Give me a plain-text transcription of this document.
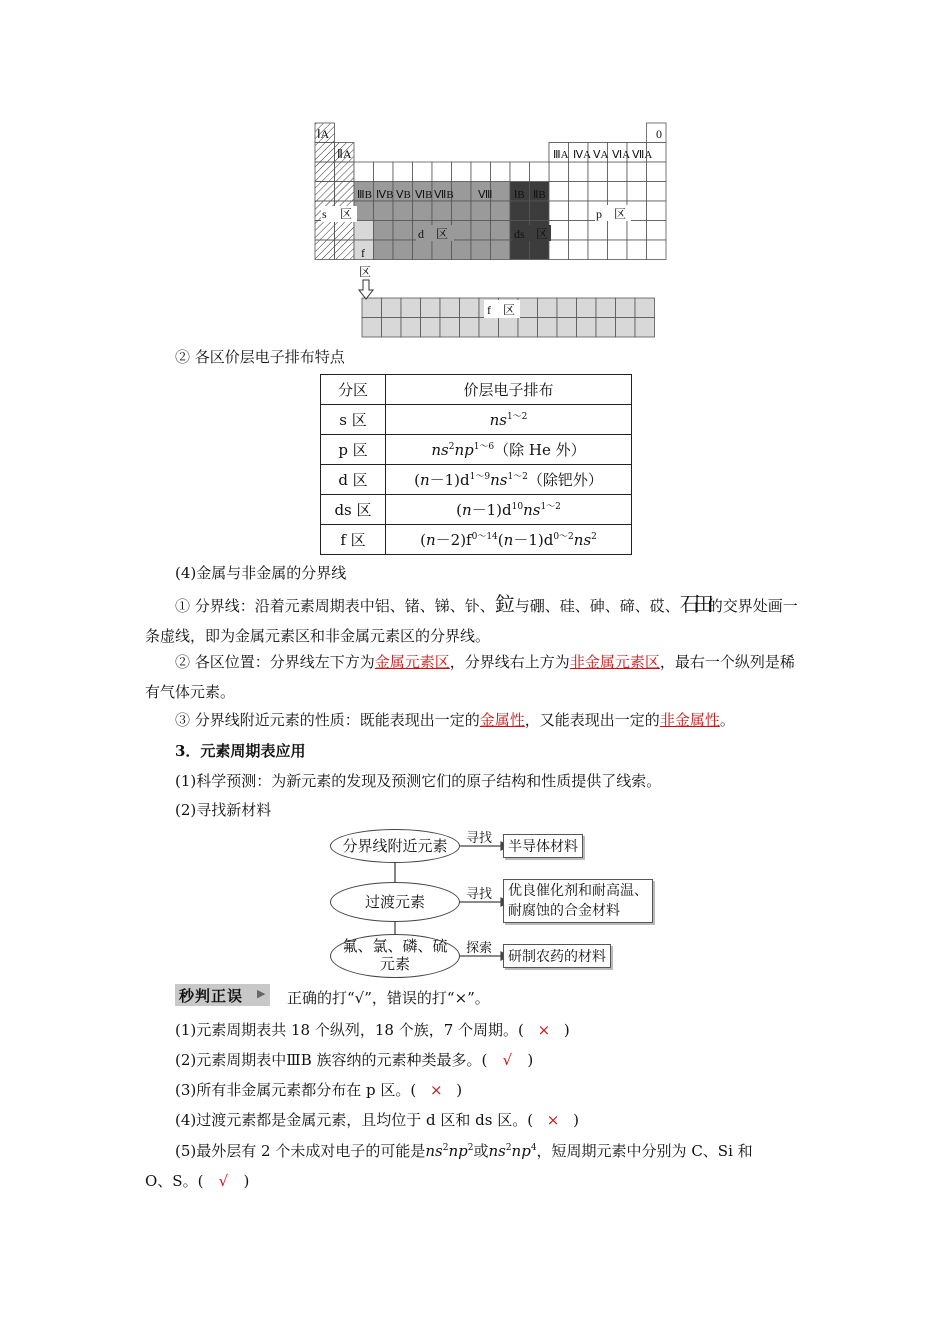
ⅠA
ⅡA
0
ⅢB ⅣB ⅤB ⅥB ⅦB Ⅷ ⅠB ⅡB
ⅢA ⅣA ⅤA ⅥA ⅦA
s 区
d 区	ds 区
p 区
f
区
f 区
② 各区价层电子排布特点
分区	价层电子排布
s 区	$ns^{1\sim 2}$
p 区	$ns^2np^{1\sim 6}$（除 He 外）
d 区	$(n-1)d^{1\sim 9}ns^{1\sim 2}$（除钯外）
ds 区	$(n-1)d^{10}ns^{1\sim 2}$
f 区	$(n-2)f^{0\sim 14}(n-1)d^{0\sim 2}ns^2$
(4)金属与非金属的分界线
① 分界线：沿着元素周期表中铝、锗、锑、钋、鉝与硼、硅、砷、碲、砹、石田的交界处画一条虚线，即为金属元素区和非金属元素区的分界线。
② 各区位置：分界线左下方为金属元素区，分界线右上方为非金属元素区，最右一个纵列是稀有气体元素。
③ 分界线附近元素的性质：既能表现出一定的金属性，又能表现出一定的非金属性。
3．元素周期表应用
(1)科学预测：为新元素的发现及预测它们的原子结构和性质提供了线索。
(2)寻找新材料
寻找
寻找
探索
分界线附近元素
过渡元素
氟、氯、磷、硫
元素
半导体材料
优良催化剂和耐高温、
耐腐蚀的合金材料
研制农药的材料
秒判正误 ▶ 正确的打“√”，错误的打“×”。
(1)元素周期表共 18 个纵列，18 个族，7 个周期。( × )
(2)元素周期表中ⅢB 族容纳的元素种类最多。( √ )
(3)所有非金属元素都分布在 p 区。( × )
(4)过渡元素都是金属元素，且均位于 d 区和 ds 区。( × )
(5)最外层有 2 个未成对电子的可能是$ns^2np^2$或$ns^2np^4$，短周期元素中分别为 C、Si 和
O、S。( √ )
